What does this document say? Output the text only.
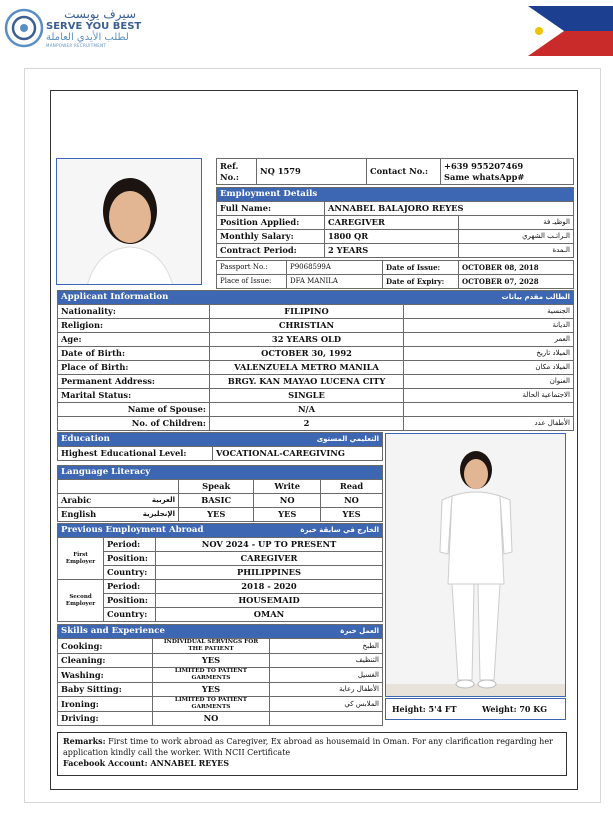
سيرف يوبست
SERVE YOU BEST
لطلب الأيدي العاملة
MANPOWER RECRUITMENT
Ref. No.:	NQ 1579	Contact No.:	
+639 955207469
Same whatsApp#
Employment Details		
Full Name:	ANNABEL BALAJORO REYES	
Position Applied:	CAREGIVER	الوظيـ فة
Monthly Salary:	1800 QR	الـراتـب الشهري
Contract Period:	2 YEARS	الـمدة
Passport No.:	P9068599A	Date of Issue:	OCTOBER 08, 2018
Place of Issue:	DFA MANILA	Date of Expiry:	OCTOBER 07, 2028
Applicant Information الطالب مقدم بيانات		

Nationality:	FILIPINO	الجنسية
Religion:	CHRISTIAN	الديانة
Age:	32 YEARS OLD	العمر
Date of Birth:	OCTOBER 30, 1992	الميلاد تاريخ
Place of Birth:	VALENZUELA METRO MANILA	الميلاد مكان
Permanent Address:	BRGY. KAN MAYAO LUCENA CITY	العنوان
Marital Status:	SINGLE	الاجتماعية الحالة
Name of Spouse:	N/A	
No. of Children:	2	الأطفال عدد
Education	التعليمي المستوى

Highest Educational Level:	VOCATIONAL-CAREGIVING
Language Literacy			
	Speak	Write	Read
Arabic العربية	BASIC	NO	NO
English الإنجليزية	YES	YES	YES
Previous Employment Abroad الخارج في سابقة خبرة		

First Employer	Period:	NOV 2024 - UP TO PRESENT
	Position:	CAREGIVER
	Country:	PHILIPPINES
Second Employer	Period:	2018 - 2020
	Position:	HOUSEMAID
	Country:	OMAN
Skills and Experience العمل خبرة		

Cooking:	INDIVIDUAL SERVINGS FOR THE PATIENT	الطبخ
Cleaning:	YES	التنظيف
Washing:	LIMITED TO PATIENT GARMENTS	الغسيل
Baby Sitting:	YES	الأطفال رعاية
Ironing:	LIMITED TO PATIENT GARMENTS	الملابس كي
Driving:	NO	
Height: 5'4 FT	Weight: 70 KG
Remarks: First time to work abroad as Caregiver, Ex abroad as housemaid in Oman. For any clarification regarding her application kindly call the worker. With NCII Certificate
Facebook Account: ANNABEL REYES
